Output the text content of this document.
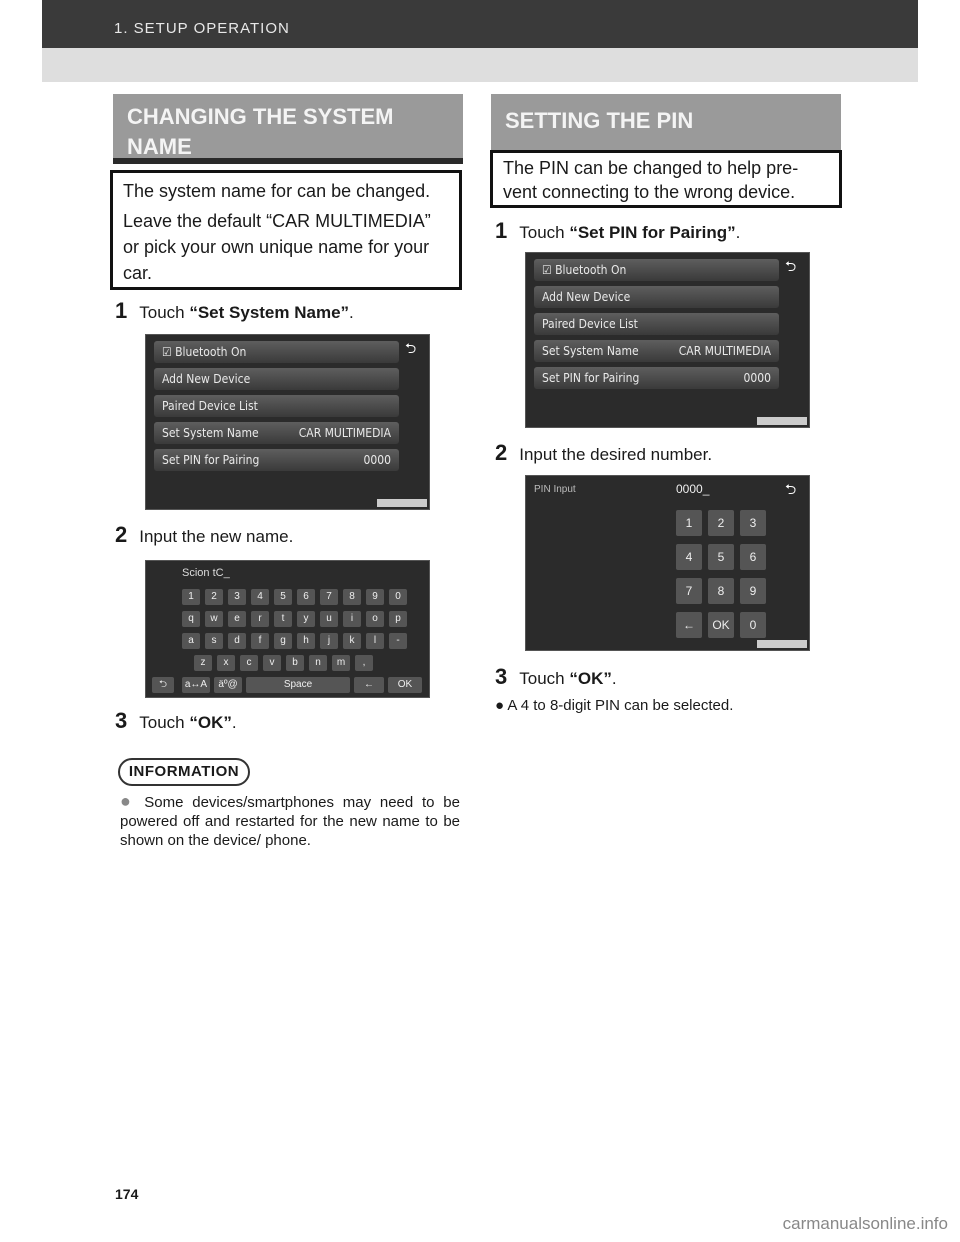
1. SETUP OPERATION
CHANGING THE SYSTEM NAME

The system name for can be changed.

Leave the default “CAR MULTIMEDIA” or pick your own unique name for your car.

1 Touch “Set System Name”.
⮌
☑ Bluetooth On
Add New Device
Paired Device List
Set System Name	CAR MULTIMEDIA
Set PIN for Pairing	0000
2 Input the new name.
Scion tC_
1	2	3	4	5	6	7	8	9	0
q	w	e	r	t	y	u	i	o	p
a	s	d	f	g	h	j	k	l	-
z	x	c	v	b	n	m	,
⮌	a↔A	äº@	Space	←	OK
3 Touch “OK”.
INFORMATION
● Some devices/smartphones may need to be powered off and restarted for the new name to be shown on the device/ phone.
SETTING THE PIN
The PIN can be changed to help pre- vent connecting to the wrong device.
1 Touch “Set PIN for Pairing”.
⮌
☑ Bluetooth On
Add New Device
Paired Device List
Set System Name	CAR MULTIMEDIA
Set PIN for Pairing	0000
2 Input the desired number.
PIN Input	0000_	⮌
1	2	3
4	5	6
7	8	9
←	OK	0
3 Touch “OK”.
● A 4 to 8-digit PIN can be selected.
174
carmanualsonline.info
